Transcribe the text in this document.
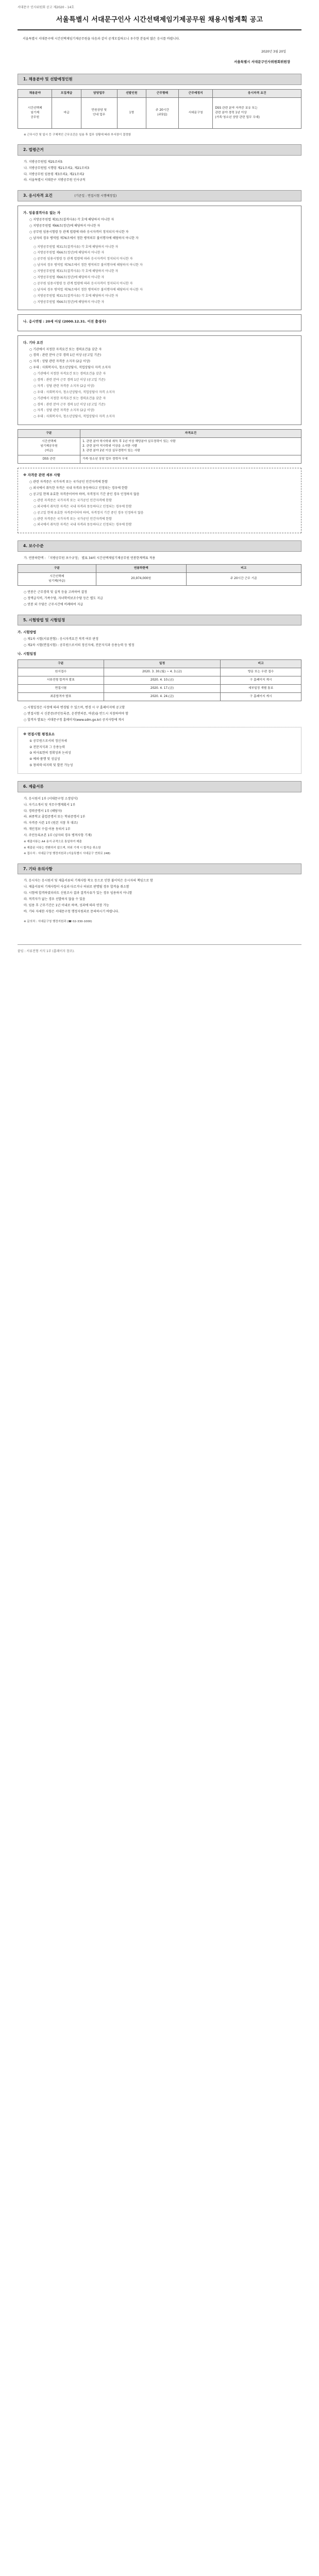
서대문구 인사위원회 공고 제2020 - 14호
서울특별시 서대문구인사 시간선택제임기제공무원 채용시험계획 공고
서울특별시 서대문구에 시간선택제임기제공무원을 다음과 같이 공개모집하오니 우수한 분들의 많은 응시를 바랍니다.
2020년 3월 20일
서울특별시 서대문구인사위원회위원장
1. 채용분야 및 선발예정인원
채용분야	모집계급	담당업무	선발인원	근무형태	근무예정지	응시자격 요건
시간선택제
임기제
공무원	마급	민원상담 및
안내 업무	1명	주 20시간
(주5일)	서대문구청	DSS 관련 분야 자격증 보유 또는
관련 분야 경력 1년 이상
(가족·청소년 상담 관련 업무 우대)
※ 근무시간 및 일시 등 구체적인 근무조건은 임용 후 업무 상황에 따라 부서장이 결정함
2. 법령근거
가. 지방공무원법 제25조의5
나. 지방공무원법 시행령 제21조의2, 제21조의3
다. 지방공무원 임용령 제3조의2, 제21조의2
라. 서울특별시 서대문구 지방공무원 인사규칙
3. 응시자격 요건	(기준일 : 면접시험 시행예정일)
가. 임용결격사유 없는 자
○ 지방공무원법 제31조(결격사유) 각 호에 해당하지 아니한 자
○ 지방공무원법 제66조(정년)에 해당하지 아니한 자
○ 공무원 임용시험령 등 관계 법령에 따라 응시자격이 정지되지 아니한 자
○ 남자의 경우 병역법 제76조에서 정한 병역의무 불이행자에 해당하지 아니한 자
○ 지방공무원법 제31조(결격사유) 각 호에 해당하지 아니한 자
○ 지방공무원법 제66조(정년)에 해당하지 아니한 자
○ 공무원 임용시험령 등 관계 법령에 따라 응시자격이 정지되지 아니한 자
○ 남자의 경우 병역법 제76조에서 정한 병역의무 불이행자에 해당하지 아니한 자
○ 지방공무원법 제31조(결격사유) 각 호에 해당하지 아니한 자
○ 지방공무원법 제66조(정년)에 해당하지 아니한 자
○ 공무원 임용시험령 등 관계 법령에 따라 응시자격이 정지되지 아니한 자
○ 남자의 경우 병역법 제76조에서 정한 병역의무 불이행자에 해당하지 아니한 자
○ 지방공무원법 제31조(결격사유) 각 호에 해당하지 아니한 자
○ 지방공무원법 제66조(정년)에 해당하지 아니한 자
나. 응시연령 : 20세 이상 (2000.12.31. 이전 출생자)
다. 기타 요건
○ 기관에서 지정한 자격요건 또는 경력요건을 갖춘 자
○ 경력 : 관련 분야 근무 경력 1년 이상 (공고일 기준)
○ 자격 : 상담 관련 자격증 소지자 (2급 이상)
○ 우대 : 사회복지사, 청소년상담사, 직업상담사 자격 소지자
○ 기관에서 지정한 자격요건 또는 경력요건을 갖춘 자
○ 경력 : 관련 분야 근무 경력 1년 이상 (공고일 기준)
○ 자격 : 상담 관련 자격증 소지자 (2급 이상)
○ 우대 : 사회복지사, 청소년상담사, 직업상담사 자격 소지자
○ 기관에서 지정한 자격요건 또는 경력요건을 갖춘 자
○ 경력 : 관련 분야 근무 경력 1년 이상 (공고일 기준)
○ 자격 : 상담 관련 자격증 소지자 (2급 이상)
○ 우대 : 사회복지사, 청소년상담사, 직업상담사 자격 소지자
구분	자격요건
시간선택제
임기제공무원
(마급)	1. 관련 분야 학사학위 취득 후 1년 이상 해당분야 실무경력이 있는 사람
2. 관련 분야 석사학위 이상을 소지한 사람
3. 관련 분야 2년 이상 실무경력이 있는 사람
DSS 관련	가족·청소년 상담 업무 경력자 우대
※ 자격증 관련 세부 사항
○ 관련 자격증은 국가자격 또는 국가공인 민간자격에 한함
○ 외국에서 취득한 자격은 국내 자격과 동등하다고 인정되는 경우에 한함
○ 공고일 현재 유효한 자격증이어야 하며, 자격정지 기간 중인 경우 인정하지 않음
○ 관련 자격증은 국가자격 또는 국가공인 민간자격에 한함
○ 외국에서 취득한 자격은 국내 자격과 동등하다고 인정되는 경우에 한함
○ 공고일 현재 유효한 자격증이어야 하며, 자격정지 기간 중인 경우 인정하지 않음
○ 관련 자격증은 국가자격 또는 국가공인 민간자격에 한함
○ 외국에서 취득한 자격은 국내 자격과 동등하다고 인정되는 경우에 한함
4. 보수수준
가. 연봉하한액 : 「지방공무원 보수규정」 별표 34의 시간선택제임기제공무원 연봉한계액표 적용
구분	연봉하한액	비고
시간선택제
임기제(마급)	20,974,000원	주 20시간 근무 기준
○ 연봉은 근무경력 및 실적 등을 고려하여 결정
○ 정액급식비, 가족수당, 자녀학비보조수당 등은 별도 지급
○ 연봉 외 수당은 근무시간에 비례하여 지급
5. 시험방법 및 시험일정
가. 시험방법
○ 제1차 시험(서류전형) : 응시자격요건 적격 여부 판정
○ 제2차 시험(면접시험) : 공무원으로서의 정신자세, 전문지식과 응용능력 등 평정
나. 시험일정
구분	일정	비고
원서접수	2020. 3. 30.(월) ~ 4. 3.(금)	방문 또는 우편 접수
서류전형 합격자 발표	2020. 4. 10.(금)	구 홈페이지 게시
면접시험	2020. 4. 17.(금)	세부일정 개별 통보
최종합격자 발표	2020. 4. 24.(금)	구 홈페이지 게시
○ 시험일정은 사정에 따라 변경될 수 있으며, 변경 시 구 홈페이지에 공고함
○ 면접시험 시 신분증(주민등록증, 운전면허증, 여권)을 반드시 지참하여야 함
○ 합격자 발표는 서대문구청 홈페이지(www.sdm.go.kr) 공지사항에 게시
※ 면접시험 평정요소
① 공무원으로서의 정신자세
② 전문지식과 그 응용능력
③ 의사표현의 정확성과 논리성
④ 예의·품행 및 성실성
⑤ 창의력·의지력 및 발전 가능성
6. 제출서류
가. 응시원서 1부 (서대문구청 소정양식)
나. 자기소개서 및 직무수행계획서 1부
다. 경력증명서 1부 (해당자)
라. 최종학교 졸업증명서 또는 학위증명서 1부
마. 자격증 사본 1부 (원본 지참 후 대조)
바. 개인정보 수집·이용 동의서 1부
사. 주민등록초본 1부 (남자의 경우 병적사항 기재)
※ 제출서류는 A4 용지 규격으로 통일하여 제출
※ 제출된 서류는 반환하지 않으며, 허위 기재 시 합격을 취소함
※ 접수처 : 서대문구청 행정지원과 (서울특별시 서대문구 연희로 248)
7. 기타 유의사항
가. 응시자는 응시원서 및 제출서류의 기재사항 착오 등으로 인한 불이익은 응시자의 책임으로 함
나. 제출서류의 기재사항이 사실과 다르거나 허위로 판명될 경우 합격을 취소함
다. 시험에 합격하였더라도 신원조사 결과 결격사유가 있는 경우 임용하지 아니함
라. 적격자가 없는 경우 선발하지 않을 수 있음
마. 임용 후 근무기간은 1년 이내로 하며, 성과에 따라 연장 가능
바. 기타 자세한 사항은 서대문구청 행정지원과로 문의하시기 바랍니다.
※ 문의처 : 서대문구청 행정지원과 (☎ 02-330-1000)
붙임 : 서류전형 서식 1부 (홈페이지 참조).
